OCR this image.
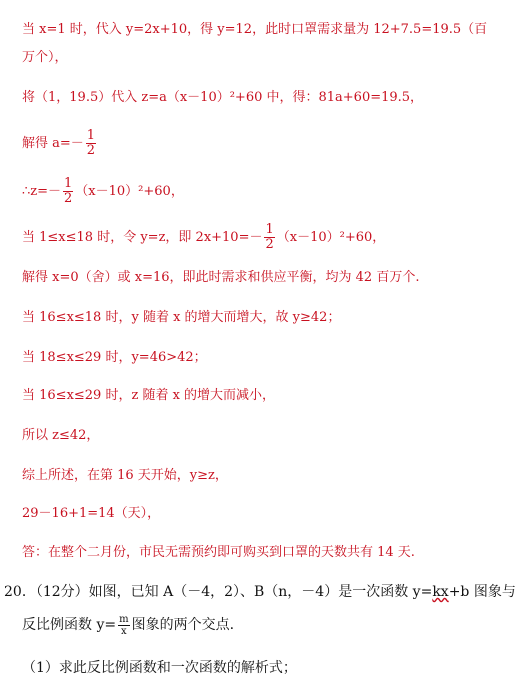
当 x=1 时，代入 y=2x+10，得 y=12，此时口罩需求量为 12+7.5=19.5（百
万个），
将（1，19.5）代入 z=a（x－10）²+60 中，得：81a+60=19.5，
解得 $a=- \frac{1}{2}$
∴z=－ $\frac{1}{2} (x-10)^2+60$，
当 1≤x≤18 时，令 y=z，即 $2x+10=- \frac{1}{2} (x-10)^2+60$，
解得 x=0（舍）或 x=16，即此时需求和供应平衡，均为 42 百万个.
当 16≤x≤18 时，y 随着 x 的增大而增大，故 y≥42；
当 18≤x≤29 时，y=46>42；
当 16≤x≤29 时，z 随着 x 的增大而减小，
所以 z≤42，
综上所述，在第 16 天开始，y≥z，
29－16+1=14（天），
答：在整个二月份，市民无需预约即可购买到口罩的天数共有 14 天.
20．（12分）如图，已知 A（－4，2）、B（n，－4）是一次函数 y=kx+b 图象与
反比例函数 $y= \frac{m}{x}$ 图象的两个交点.
（1）求此反比例函数和一次函数的解析式；
